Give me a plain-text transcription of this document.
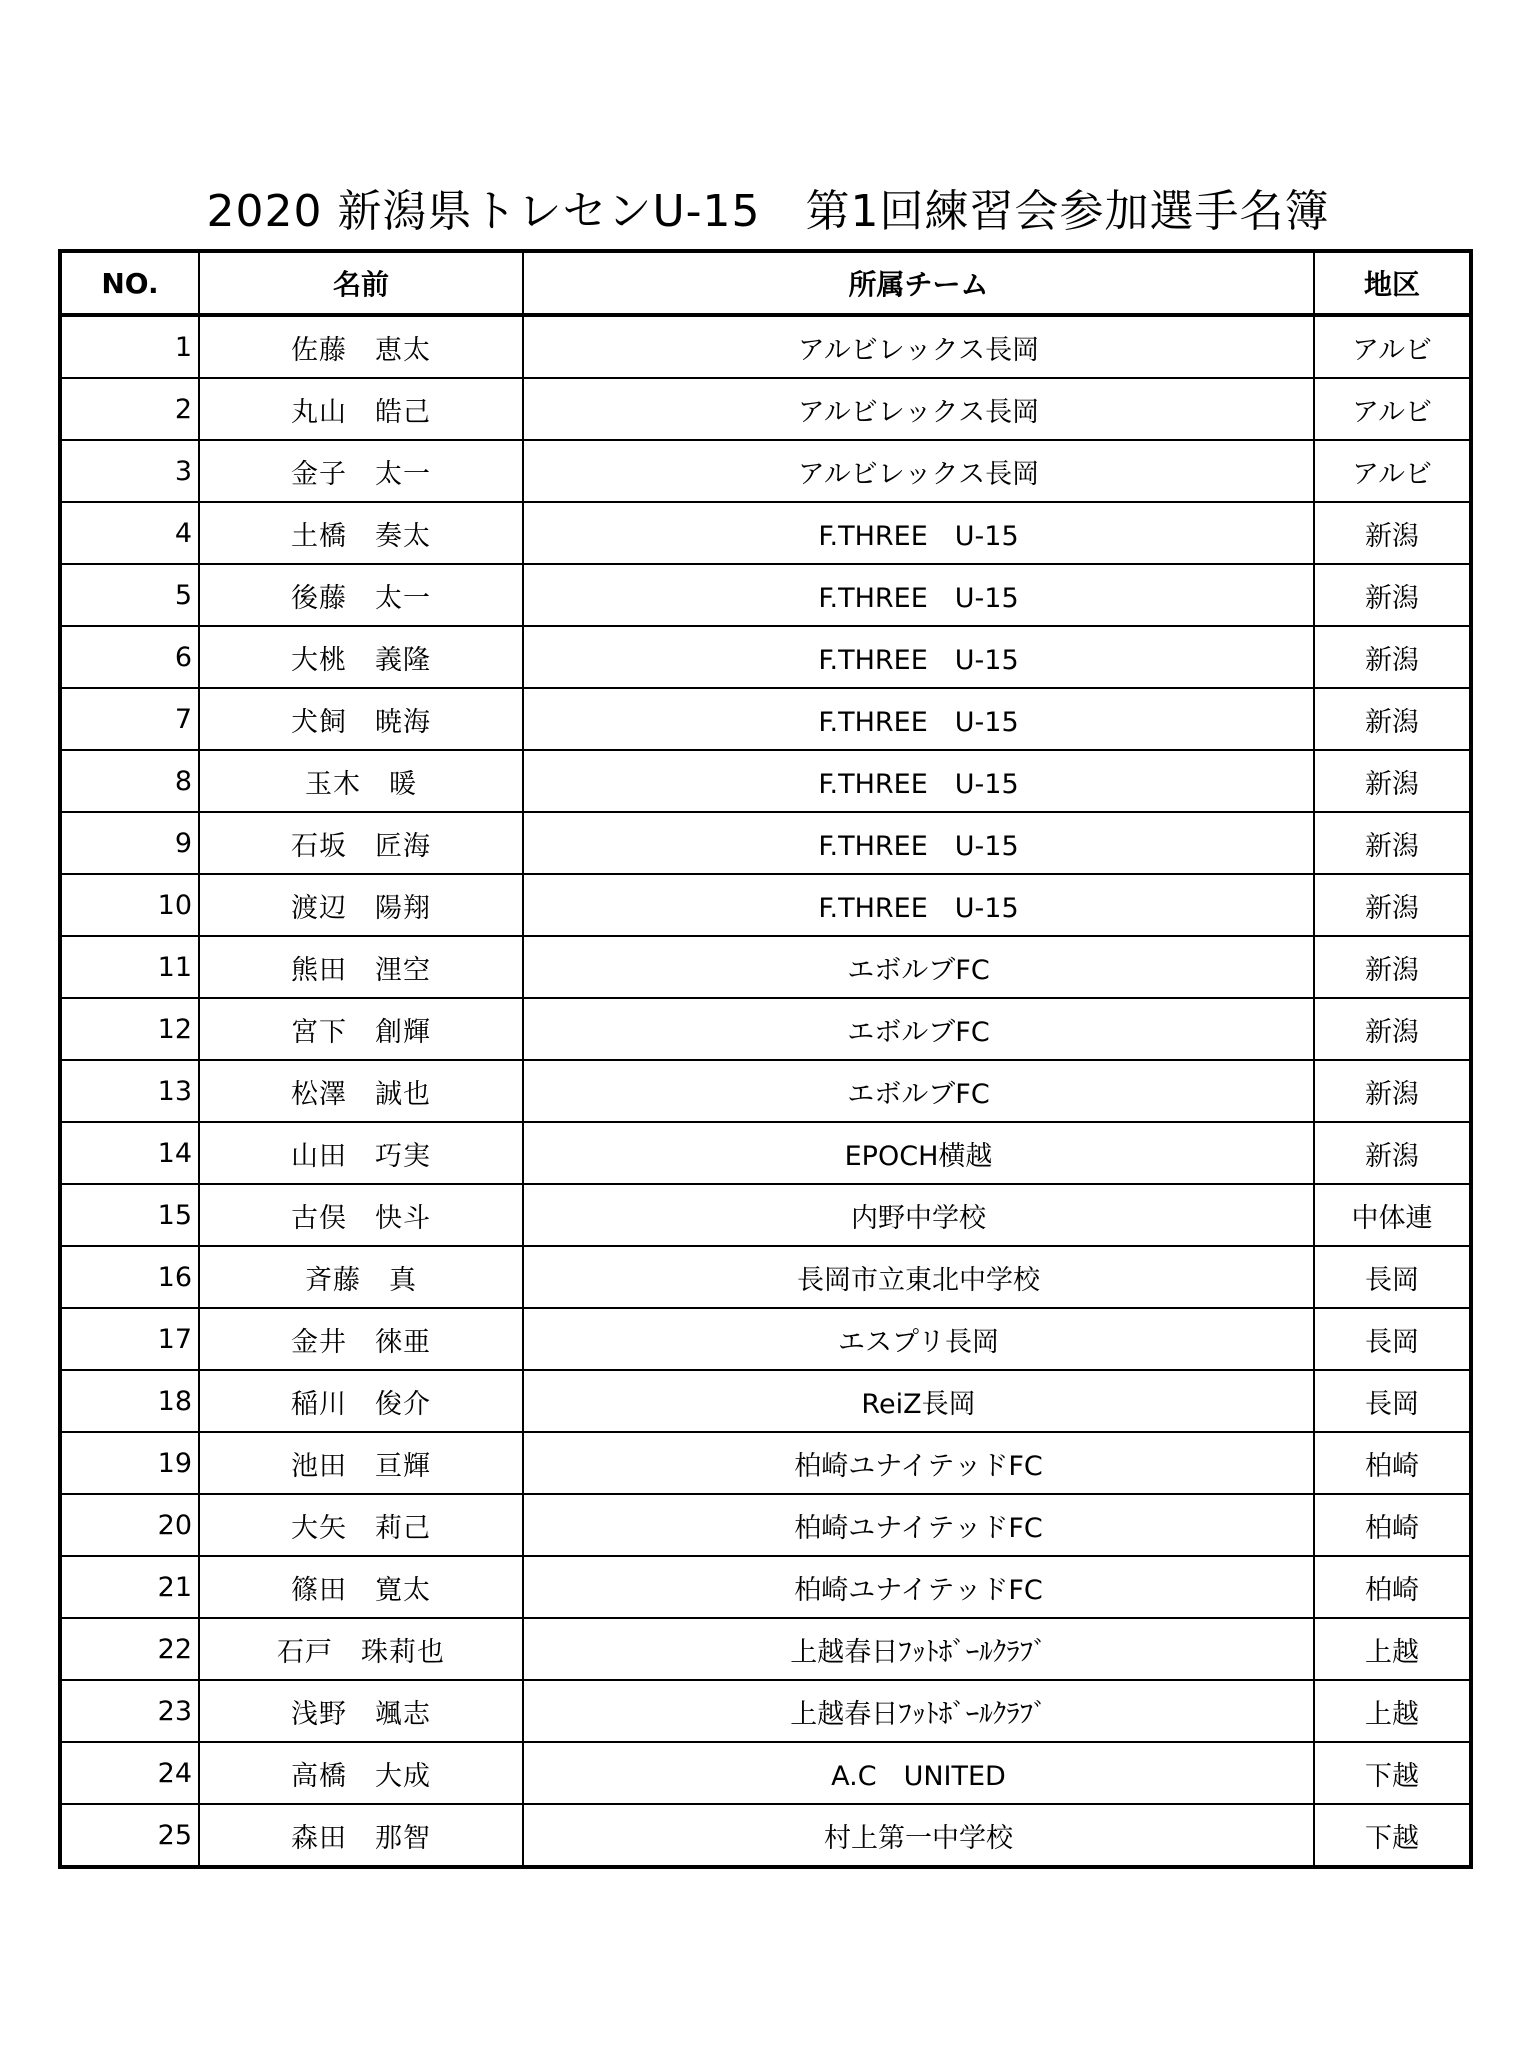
2020 新潟県トレセンU-15　第1回練習会参加選手名簿
NO.	名前	所属チーム	地区
1	佐藤　恵太	アルビレックス長岡	アルビ
2	丸山　皓己	アルビレックス長岡	アルビ
3	金子　太一	アルビレックス長岡	アルビ
4	土橋　奏太	F.THREE　U-15	新潟
5	後藤　太一	F.THREE　U-15	新潟
6	大桃　義隆	F.THREE　U-15	新潟
7	犬飼　暁海	F.THREE　U-15	新潟
8	玉木　暖	F.THREE　U-15	新潟
9	石坂　匠海	F.THREE　U-15	新潟
10	渡辺　陽翔	F.THREE　U-15	新潟
11	熊田　浬空	エボルブFC	新潟
12	宮下　創輝	エボルブFC	新潟
13	松澤　誠也	エボルブFC	新潟
14	山田　巧実	EPOCH横越	新潟
15	古俣　快斗	内野中学校	中体連
16	斉藤　真	長岡市立東北中学校	長岡
17	金井　徠亜	エスプリ長岡	長岡
18	稲川　俊介	ReiZ長岡	長岡
19	池田　亘輝	柏崎ユナイテッドFC	柏崎
20	大矢　莉己	柏崎ユナイテッドFC	柏崎
21	篠田　寛太	柏崎ユナイテッドFC	柏崎
22	石戸　珠莉也	上越春日ﾌｯﾄﾎﾞｰﾙｸﾗﾌﾞ	上越
23	浅野　颯志	上越春日ﾌｯﾄﾎﾞｰﾙｸﾗﾌﾞ	上越
24	高橋　大成	A.C　UNITED	下越
25	森田　那智	村上第一中学校	下越
